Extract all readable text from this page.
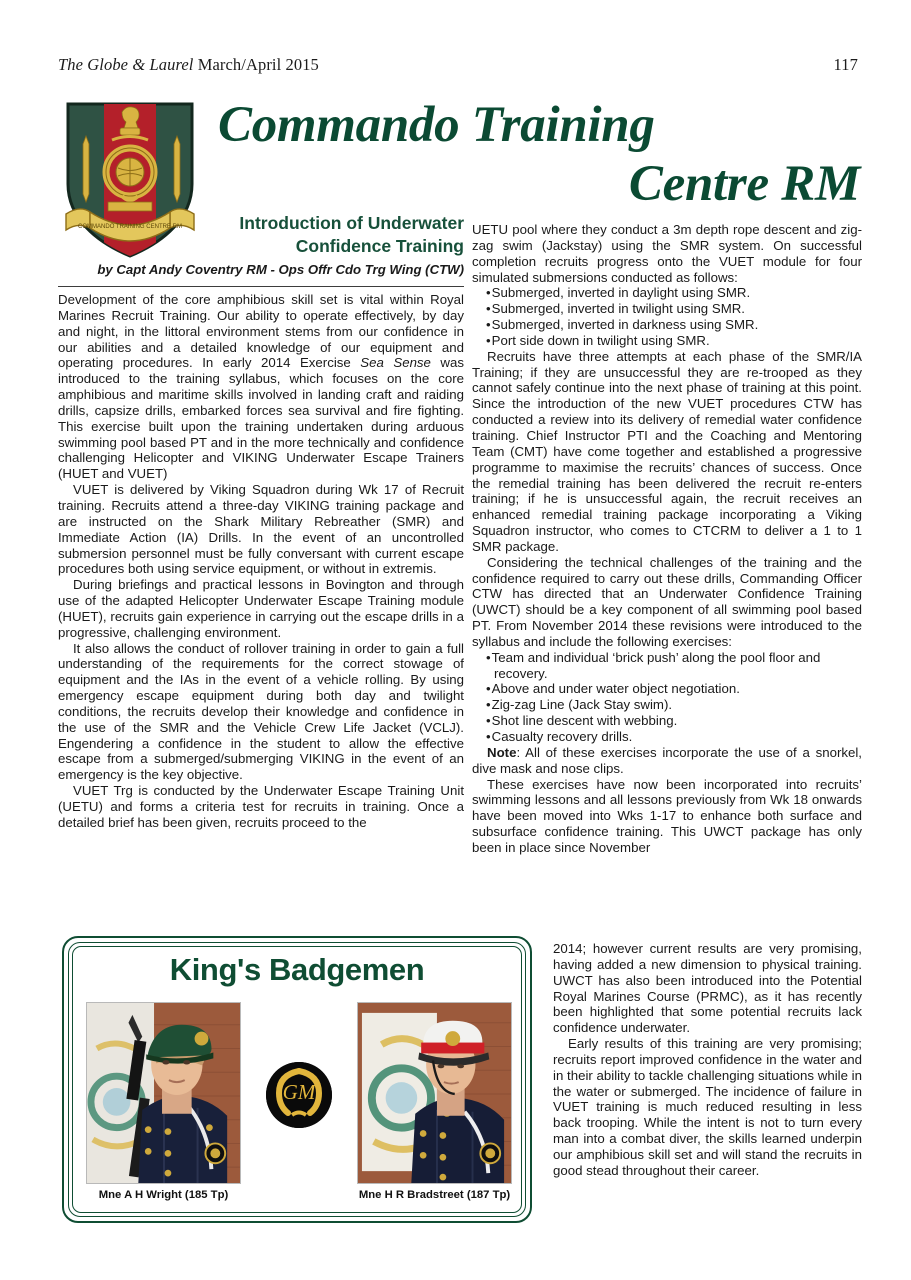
The Globe & Laurel March/April 2015	117
COMMANDO TRAINING CENTRE RM
Commando Training
Centre RM
Introduction of Underwater
Confidence Training
by Capt Andy Coventry RM - Ops Offr Cdo Trg Wing (CTW)

Development of the core amphibious skill set is vital within Royal Marines Recruit Training. Our ability to operate effectively, by day and night, in the littoral environment stems from our confidence in our abilities and a detailed knowledge of our equipment and operating procedures. In early 2014 Exercise Sea Sense was introduced to the training syllabus, which focuses on the core amphibious and maritime skills involved in landing craft and raiding drills, capsize drills, embarked forces sea survival and fire fighting. This exercise built upon the training undertaken during arduous swimming pool based PT and in the more technically and confidence challenging Helicopter and VIKING Underwater Escape Trainers (HUET and VUET)

VUET is delivered by Viking Squadron during Wk 17 of Recruit training. Recruits attend a three-day VIKING training package and are instructed on the Shark Military Rebreather (SMR) and Immediate Action (IA) Drills. In the event of an uncontrolled submersion personnel must be fully conversant with current escape procedures both using service equipment, or without in extremis.

During briefings and practical lessons in Bovington and through use of the adapted Helicopter Underwater Escape Training module (HUET), recruits gain experience in carrying out the escape drills in a progressive, challenging environment.

It also allows the conduct of rollover training in order to gain a full understanding of the requirements for the correct stowage of equipment and the IAs in the event of a vehicle rolling. By using emergency escape equipment during both day and twilight conditions, the recruits develop their knowledge and confidence in the use of the SMR and the Vehicle Crew Life Jacket (VCLJ). Engendering a confidence in the student to allow the effective escape from a submerged/submerging VIKING in the event of an emergency is the key objective.

VUET Trg is conducted by the Underwater Escape Training Unit (UETU) and forms a criteria test for recruits in training. Once a detailed brief has been given, recruits proceed to the

UETU pool where they conduct a 3m depth rope descent and zig-zag swim (Jackstay) using the SMR system. On successful completion recruits progress onto the VUET module for four simulated submersions conducted as follows:

•Submerged, inverted in daylight using SMR.

•Submerged, inverted in twilight using SMR.

•Submerged, inverted in darkness using SMR.

•Port side down in twilight using SMR.

Recruits have three attempts at each phase of the SMR/IA Training; if they are unsuccessful they are re-trooped as they cannot safely continue into the next phase of training at this point. Since the introduction of the new VUET procedures CTW has conducted a review into its delivery of remedial water confidence training. Chief Instructor PTI and the Coaching and Mentoring Team (CMT) have come together and established a progressive programme to maximise the recruits’ chances of success. Once the remedial training has been delivered the recruit re-enters training; if he is unsuccessful again, the recruit receives an enhanced remedial training package incorporating a Viking Squadron instructor, who comes to CTCRM to deliver a 1 to 1 SMR package.

Considering the technical challenges of the training and the confidence required to carry out these drills, Commanding Officer CTW has directed that an Underwater Confidence Training (UWCT) should be a key component of all swimming pool based PT. From November 2014 these revisions were introduced to the syllabus and include the following exercises:

•Team and individual ‘brick push’ along the pool floor and recovery.

•Above and under water object negotiation.

•Zig-zag Line (Jack Stay swim).

•Shot line descent with webbing.

•Casualty recovery drills.

Note: All of these exercises incorporate the use of a snorkel, dive mask and nose clips.

These exercises have now been incorporated into recruits’ swimming lessons and all lessons previously from Wk 18 onwards have been moved into Wks 1-17 to enhance both surface and subsurface confidence training. This UWCT package has only been in place since November

2014; however current results are very promising, having added a new dimension to physical training. UWCT has also been introduced into the Potential Royal Marines Course (PRMC), as it has recently been highlighted that some potential recruits lack confidence underwater.

Early results of this training are very promising; recruits report improved confidence in the water and in their ability to tackle challenging situations while in the water or submerged. The incidence of failure in VUET training is much reduced resulting in less back trooping. While the intent is not to turn every man into a combat diver, the skills learned underpin our amphibious skill set and will stand the recruits in good stead throughout their career.

King's Badgemen
GM
Mne A H Wright (185 Tp)	Mne H R Bradstreet (187 Tp)
